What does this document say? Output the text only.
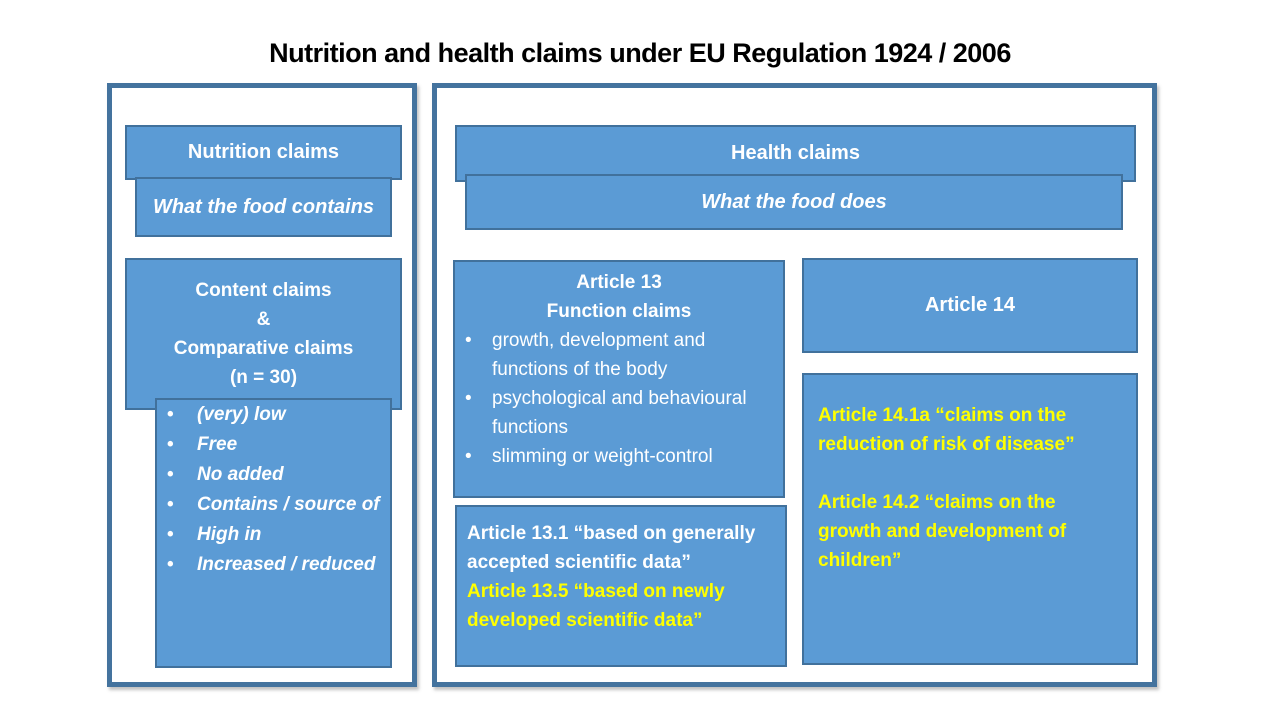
Nutrition and health claims under EU Regulation 1924 / 2006
Nutrition claims
What the food contains
Content claims
&
Comparative claims
(n = 30)
• (very) low
• Free
• No added
• Contains / source of
• High in
• Increased / reduced
Health claims
What the food does
Article 13
Function claims
• growth, development and functions of the body
• psychological and behavioural functions
• slimming or weight-control

Article 13.1 “based on generally accepted scientific data”

Article 13.5 “based on newly developed scientific data”

Article 14

Article 14.1a “claims on the reduction of risk of disease”

Article 14.2 “claims on the growth and development of children”
